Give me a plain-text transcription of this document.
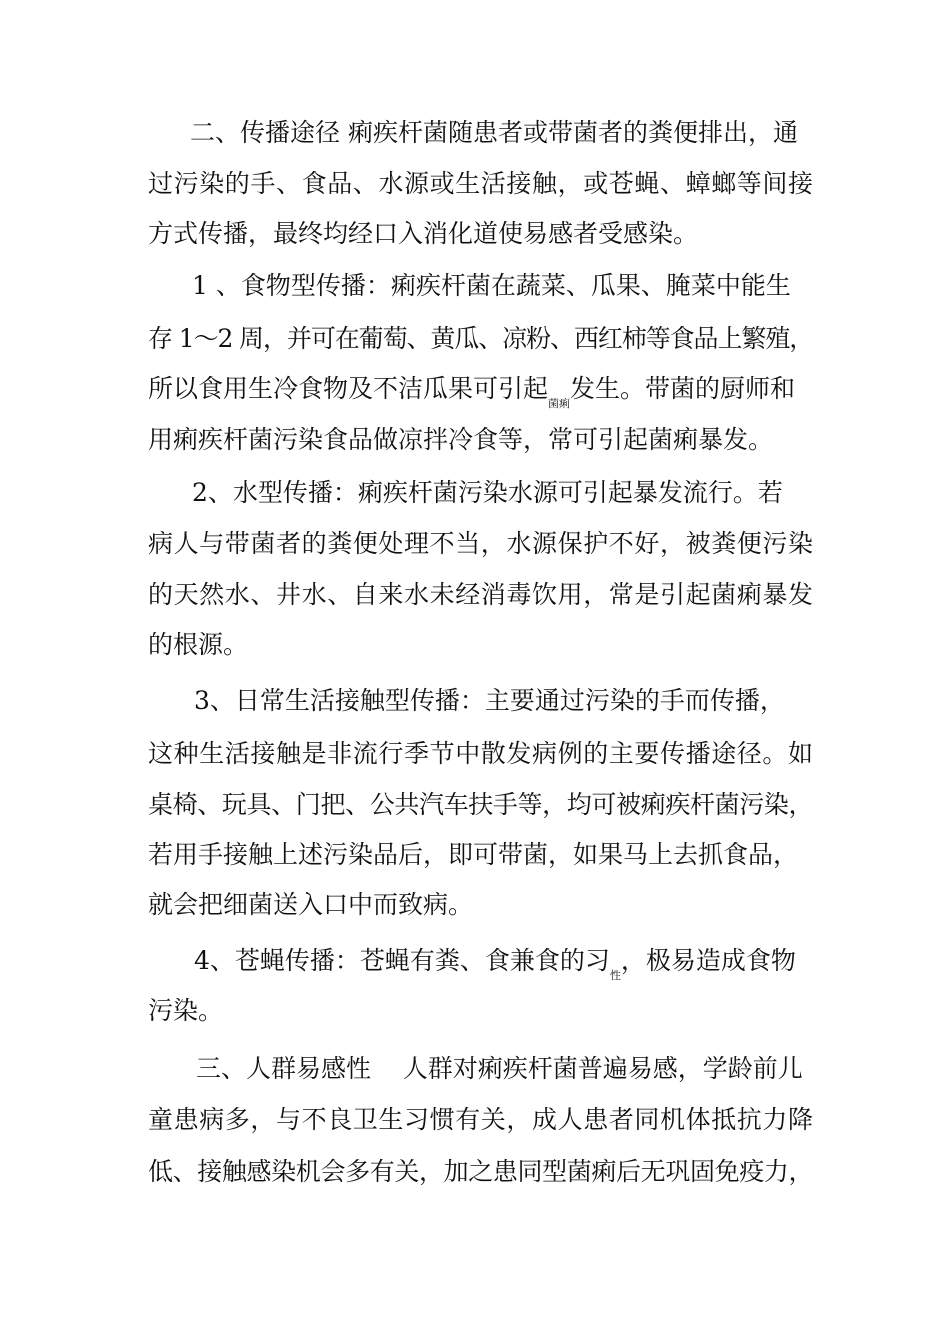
二、传播途径 痢疾杆菌随患者或带菌者的粪便排出，通
过污染的手、食品、水源或生活接触，或苍蝇、蟑螂等间接
方式传播，最终均经口入消化道使易感者受感染。
1 、食物型传播：痢疾杆菌在蔬菜、瓜果、腌菜中能生
存 1～2 周，并可在葡萄、黄瓜、凉粉、西红柿等食品上繁殖，
所以食用生冷食物及不洁瓜果可引起$_{菌痢}$发生。带菌的厨师和
用痢疾杆菌污染食品做凉拌冷食等，常可引起菌痢暴发。
2、水型传播：痢疾杆菌污染水源可引起暴发流行。若
病人与带菌者的粪便处理不当，水源保护不好，被粪便污染
的天然水、井水、自来水未经消毒饮用，常是引起菌痢暴发
的根源。
3、日常生活接触型传播：主要通过污染的手而传播，
这种生活接触是非流行季节中散发病例的主要传播途径。如
桌椅、玩具、门把、公共汽车扶手等，均可被痢疾杆菌污染，
若用手接触上述污染品后，即可带菌，如果马上去抓食品，
就会把细菌送入口中而致病。
4、苍蝇传播：苍蝇有粪、食兼食的习$_性$，极易造成食物
污染。
三、人群易感性    人群对痢疾杆菌普遍易感，学龄前儿
童患病多，与不良卫生习惯有关，成人患者同机体抵抗力降
低、接触感染机会多有关，加之患同型菌痢后无巩固免疫力，
